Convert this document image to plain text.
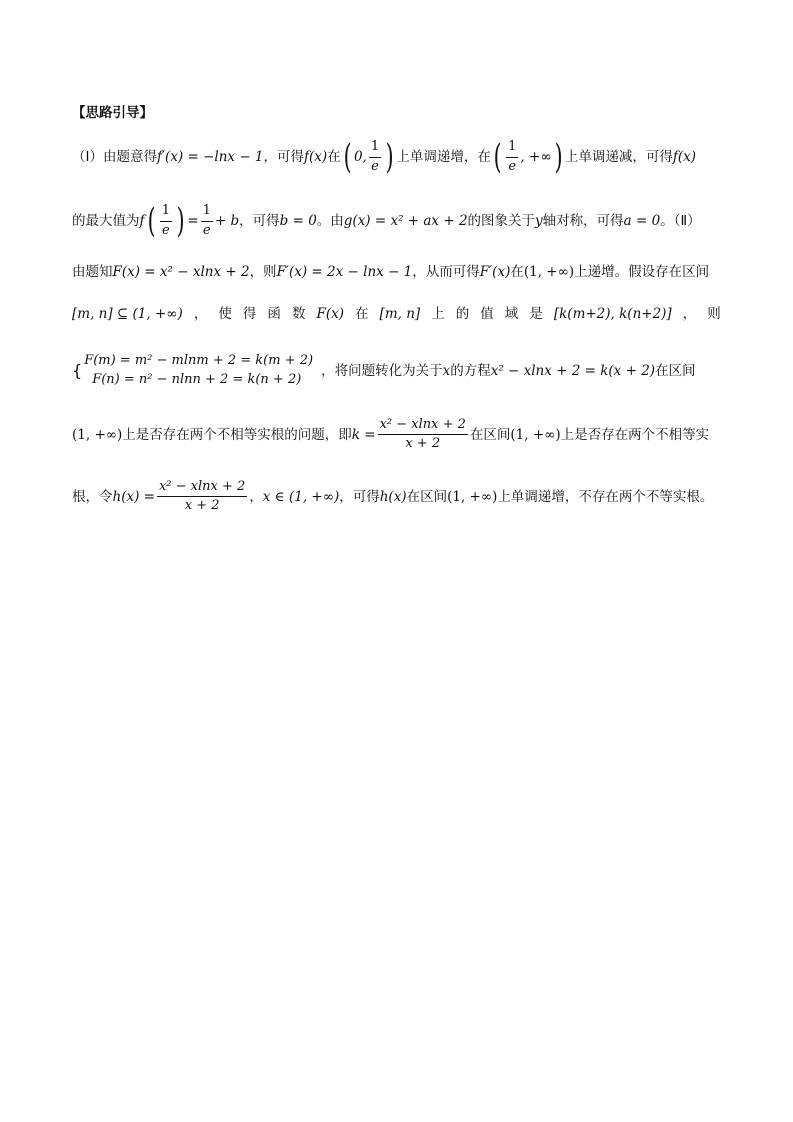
【思路引导】
（Ⅰ）由题意得f′(x) = −lnx − 1，可得f(x)在( 0, $\frac{1}{e}$ ) 上单调递增，在( $\frac{1}{e}$ , +∞) 上单调递减，可得f(x)
的最大值为$f( \frac{1}{e}$ ) = $\frac{1}{e} + b$，可得b = 0。由g(x) = x² + ax + 2的图象关于y轴对称，可得a = 0。（Ⅱ）
由题知F(x) = x² − xlnx + 2，则F′(x) = 2x − lnx − 1，从而可得F′(x)在(1, +∞)上递增。假设存在区间
[m, n] ⊆ (1, +∞) ， 使 得 函 数 F(x) 在 [m, n] 上 的 值 域 是 [k(m+2), k(n+2)] ， 则
{
F(m) = m² − mlnm + 2 = k(m + 2)
F(n) = n² − nlnn + 2 = k(n + 2)
，将问题转化为关于x的方程x² − xlnx + 2 = k(x + 2)在区间
(1, +∞)上是否存在两个不相等实根的问题，即$k = \frac{\text{x² − xlnx + 2}}{x + 2}$ 在区间(1, +∞)上是否存在两个不相等实
根，令$h(x) = \frac{\text{x² − xlnx + 2}}{x + 2}$ ，x ∈ (1, +∞)，可得h(x)在区间(1, +∞)上单调递增，不存在两个不等实根。
